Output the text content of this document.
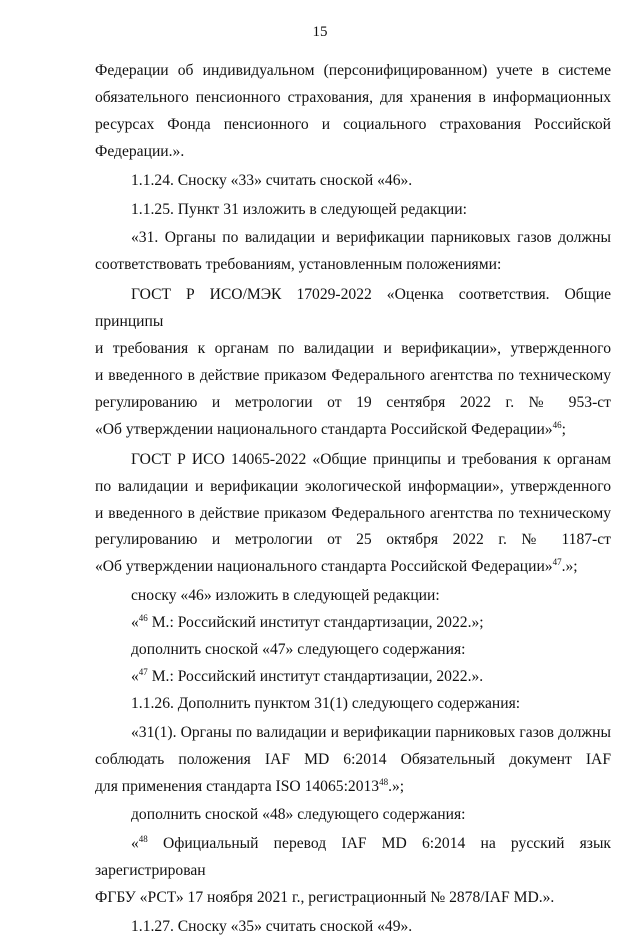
15

Федерации об индивидуальном (персонифицированном) учете в системе

обязательного пенсионного страхования, для хранения в информационных

ресурсах Фонда пенсионного и социального страхования Российской

Федерации.».

1.1.24. Сноску «33» считать сноской «46».

1.1.25. Пункт 31 изложить в следующей редакции:

«31. Органы по валидации и верификации парниковых газов должны

соответствовать требованиям, установленным положениями:

ГОСТ Р ИСО/МЭК 17029-2022 «Оценка соответствия. Общие принципы

и требования к органам по валидации и верификации», утвержденного

и введенного в действие приказом Федерального агентства по техническому

регулированию и метрологии от 19 сентября 2022 г. № 953-ст

«Об утверждении национального стандарта Российской Федерации»$^{46}$;

ГОСТ Р ИСО 14065-2022 «Общие принципы и требования к органам

по валидации и верификации экологической информации», утвержденного

и введенного в действие приказом Федерального агентства по техническому

регулированию и метрологии от 25 октября 2022 г. № 1187-ст

«Об утверждении национального стандарта Российской Федерации»$^{47}$.»;

сноску «46» изложить в следующей редакции:

«$^{46}$ М.: Российский институт стандартизации, 2022.»;

дополнить сноской «47» следующего содержания:

«$^{47}$ М.: Российский институт стандартизации, 2022.».

1.1.26. Дополнить пунктом 31(1) следующего содержания:

«31(1). Органы по валидации и верификации парниковых газов должны

соблюдать положения IAF MD 6:2014 Обязательный документ IAF

для применения стандарта ISO 14065:2013$^{48}$.»;

дополнить сноской «48» следующего содержания:

«$^{48}$ Официальный перевод IAF MD 6:2014 на русский язык зарегистрирован

ФГБУ «РСТ» 17 ноября 2021 г., регистрационный № 2878/IAF MD.».

1.1.27. Сноску «35» считать сноской «49».
